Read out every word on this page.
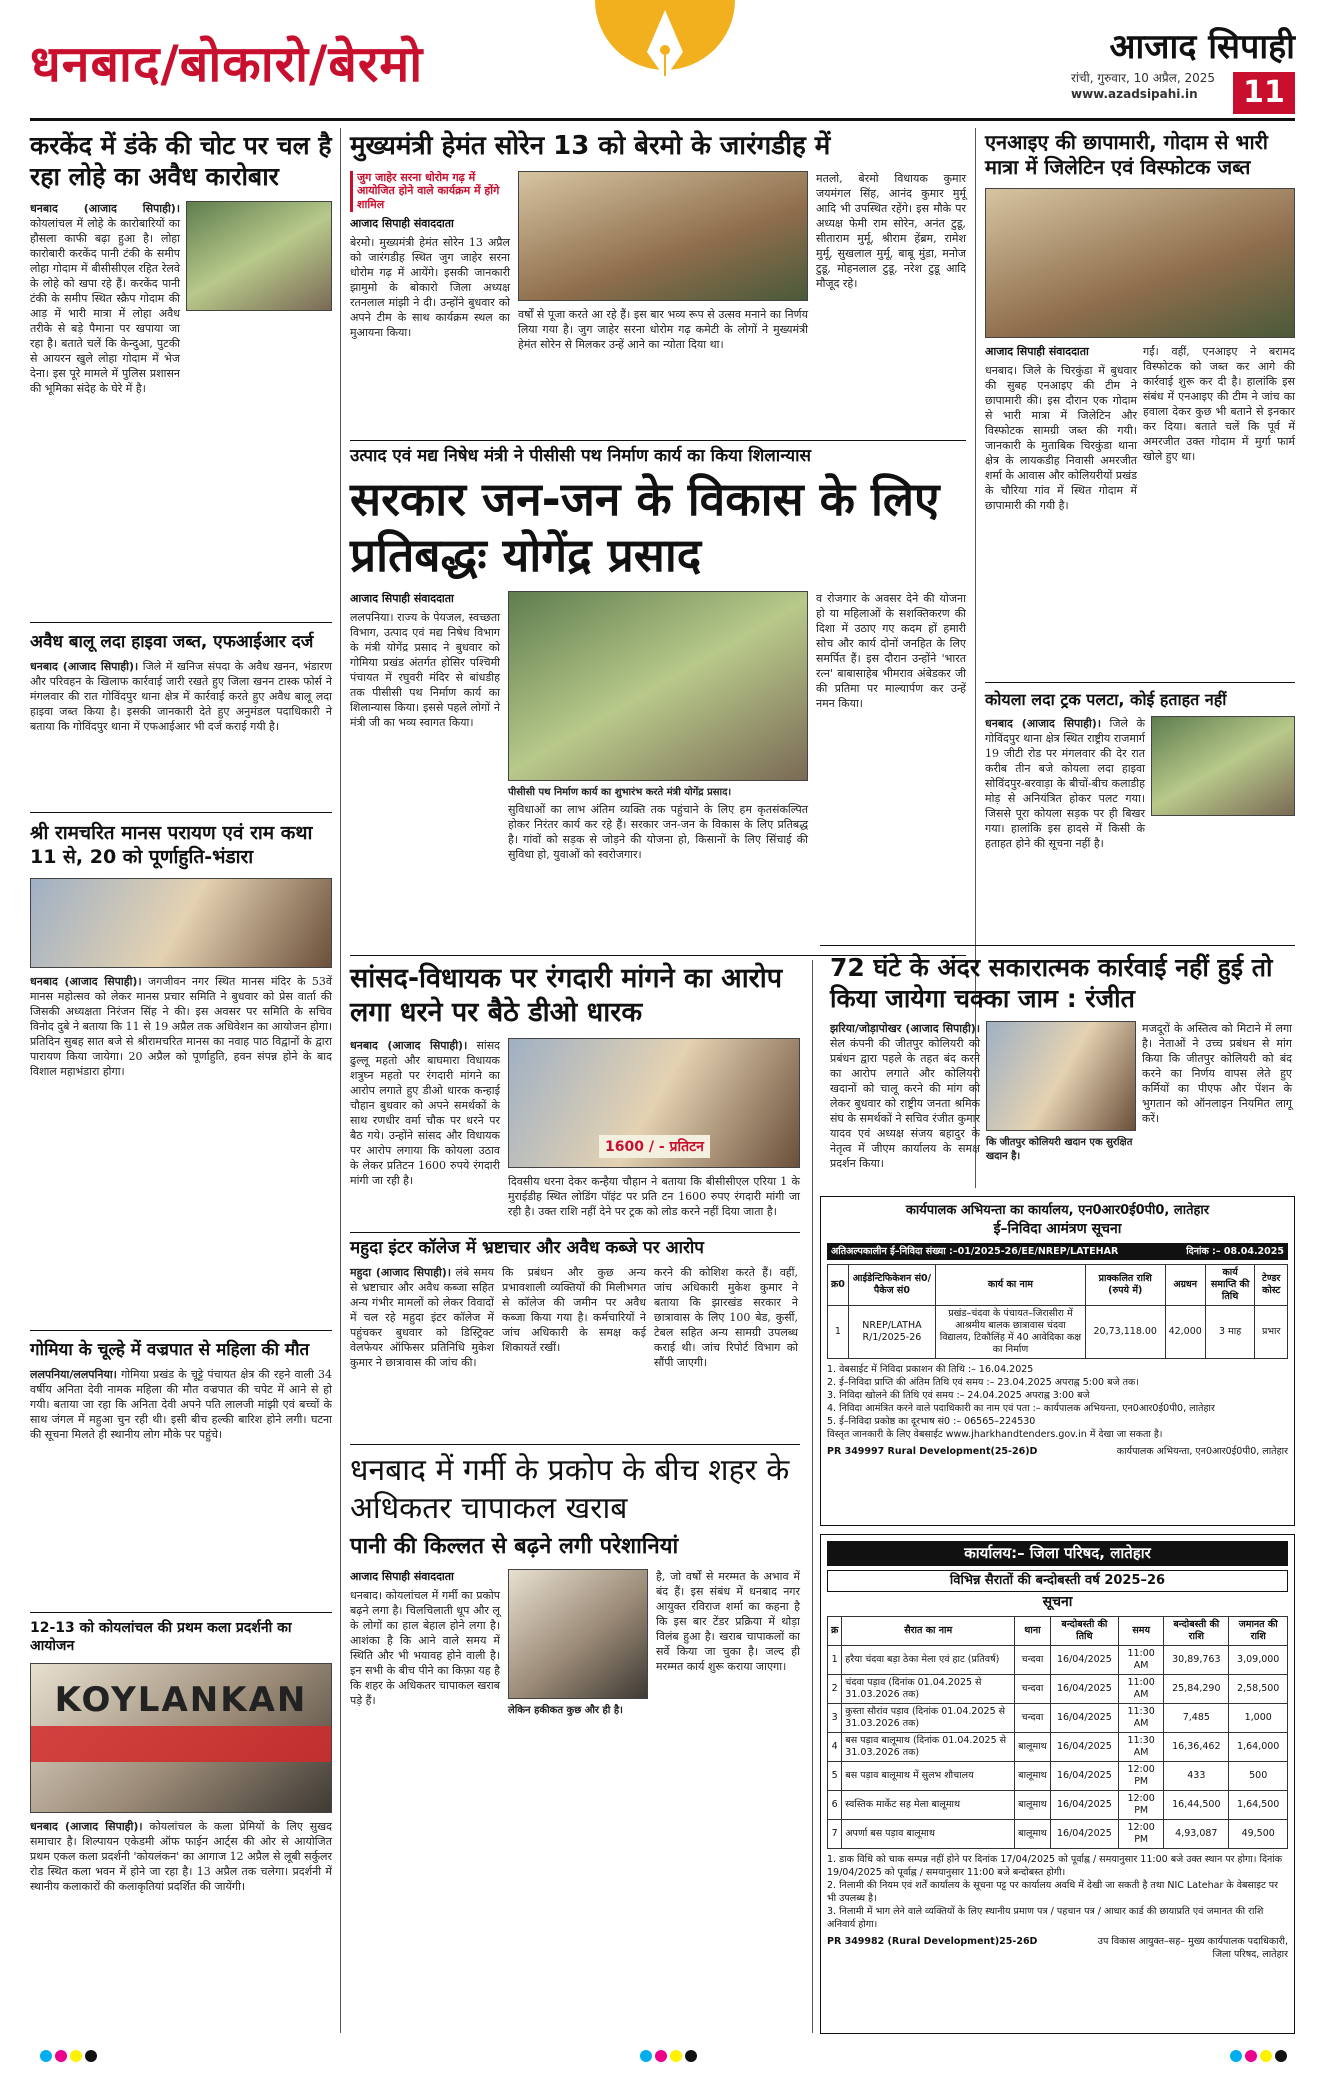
धनबाद/बोकारो/बेरमो	आजाद सिपाही
रांची, गुरुवार, 10 अप्रैल, 2025
www.azadsipahi.in	11
करकेंद में डंके की चोट पर चल है रहा लोहे का अवैध कारोबार
धनबाद (आजाद सिपाही)। कोयलांचल में लोहे के कारोबारियों का हौसला काफी बढ़ा हुआ है। लोहा कारोबारी करकेंद पानी टंकी के समीप लोहा गोदाम में बीसीसीएल रहित रेलवे के लोहे को खपा रहे हैं। करकेंद पानी टंकी के समीप स्थित स्क्रैप गोदाम की आड़ में भारी मात्रा में लोहा अवैध तरीके से बड़े पैमाना पर खपाया जा रहा है। बताते चलें कि केन्दुआ, पुटकी से आयरन खुले लोहा गोदाम में भेज देना। इस पूरे मामले में पुलिस प्रशासन की भूमिका संदेह के घेरे में है।
अवैध बालू लदा हाइवा जब्त, एफआईआर दर्ज
धनबाद (आजाद सिपाही)। जिले में खनिज संपदा के अवैध खनन, भंडारण और परिवहन के खिलाफ कार्रवाई जारी रखते हुए जिला खनन टास्क फोर्स ने मंगलवार की रात गोविंदपुर थाना क्षेत्र में कार्रवाई करते हुए अवैध बालू लदा हाइवा जब्त किया है। इसकी जानकारी देते हुए अनुमंडल पदाधिकारी ने बताया कि गोविंदपुर थाना में एफआईआर भी दर्ज कराई गयी है।
श्री रामचरित मानस परायण एवं राम कथा 11 से, 20 को पूर्णाहुति-भंडारा
धनबाद (आजाद सिपाही)। जगजीवन नगर स्थित मानस मंदिर के 53वें मानस महोत्सव को लेकर मानस प्रचार समिति ने बुधवार को प्रेस वार्ता की जिसकी अध्यक्षता निरंजन सिंह ने की। इस अवसर पर समिति के सचिव विनोद दुबे ने बताया कि 11 से 19 अप्रैल तक अधिवेशन का आयोजन होगा। प्रतिदिन सुबह सात बजे से श्रीरामचरित मानस का नवाह पाठ विद्वानों के द्वारा पारायण किया जायेगा। 20 अप्रैल को पूर्णाहुति, हवन संपन्न होने के बाद विशाल महाभंडारा होगा।
गोमिया के चूल्हे में वज्रपात से महिला की मौत
ललपनिया/ललपनिया। गोमिया प्रखंड के चूट्टे पंचायत क्षेत्र की रहने वाली 34 वर्षीय अनिता देवी नामक महिला की मौत वज्रपात की चपेट में आने से हो गयी। बताया जा रहा कि अनिता देवी अपने पति लालजी मांझी एवं बच्चों के साथ जंगल में महुआ चुन रही थी। इसी बीच हल्की बारिश होने लगी। घटना की सूचना मिलते ही स्थानीय लोग मौके पर पहुंचे।
12-13 को कोयलांचल की प्रथम कला प्रदर्शनी का आयोजन
KOYLANKAN
धनबाद (आजाद सिपाही)। कोयलांचल के कला प्रेमियों के लिए सुखद समाचार है। शिल्पायन एकेडमी ऑफ फाईन आर्ट्स की ओर से आयोजित प्रथम एकल कला प्रदर्शनी 'कोयलंकन' का आगाज 12 अप्रैल से लूबी सर्कुलर रोड स्थित कला भवन में होने जा रहा है। 13 अप्रैल तक चलेगा। प्रदर्शनी में स्थानीय कलाकारों की कलाकृतियां प्रदर्शित की जायेंगी।
मुख्यमंत्री हेमंत सोरेन 13 को बेरमो के जारंगडीह में
जुग जाहेर सरना धोरोम गढ़ में आयोजित होने वाले कार्यक्रम में होंगे शामिल
आजाद सिपाही संवाददाता
बेरमो। मुख्यमंत्री हेमंत सोरेन 13 अप्रैल को जारंगडीह स्थित जुग जाहेर सरना धोरोम गढ़ में आयेंगे। इसकी जानकारी झामुमो के बोकारो जिला अध्यक्ष रतनलाल मांझी ने दी। उन्होंने बुधवार को अपने टीम के साथ कार्यक्रम स्थल का मुआयना किया।
वर्षों से पूजा करते आ रहे हैं। इस बार भव्य रूप से उत्सव मनाने का निर्णय लिया गया है। जुग जाहेर सरना धोरोम गढ़ कमेटी के लोगों ने मुख्यमंत्री हेमंत सोरेन से मिलकर उन्हें आने का न्योता दिया था।
मतलो, बेरमो विधायक कुमार जयमंगल सिंह, आनंद कुमार मुर्मू आदि भी उपस्थित रहेंगे। इस मौके पर अध्यक्ष फेमी राम सोरेन, अनंत टुडू, सीताराम मुर्मू, श्रीराम हेंब्रम, रामेश मुर्मू, सुखलाल मुर्मू, बाबू मुंडा, मनोज टुडू, मोहनलाल टुडू, नरेश टुडू आदि मौजूद रहे।
उत्पाद एवं मद्य निषेध मंत्री ने पीसीसी पथ निर्माण कार्य का किया शिलान्यास
सरकार जन-जन के विकास के लिए प्रतिबद्धः योगेंद्र प्रसाद
आजाद सिपाही संवाददाता
ललपनिया। राज्य के पेयजल, स्वच्छता विभाग, उत्पाद एवं मद्य निषेध विभाग के मंत्री योगेंद्र प्रसाद ने बुधवार को गोमिया प्रखंड अंतर्गत होसिर पश्चिमी पंचायत में रघुवरी मंदिर से बांधडीह तक पीसीसी पथ निर्माण कार्य का शिलान्यास किया। इससे पहले लोगों ने मंत्री जी का भव्य स्वागत किया।
पीसीसी पथ निर्माण कार्य का शुभारंभ करते मंत्री योगेंद्र प्रसाद।
सुविधाओं का लाभ अंतिम व्यक्ति तक पहुंचाने के लिए हम कृतसंकल्पित होकर निरंतर कार्य कर रहे हैं। सरकार जन-जन के विकास के लिए प्रतिबद्ध है। गांवों को सड़क से जोड़ने की योजना हो, किसानों के लिए सिंचाई की सुविधा हो, युवाओं को स्वरोजगार।
व रोजगार के अवसर देने की योजना हो या महिलाओं के सशक्तिकरण की दिशा में उठाए गए कदम हों हमारी सोच और कार्य दोनों जनहित के लिए समर्पित हैं। इस दौरान उन्होंने 'भारत रत्न' बाबासाहेब भीमराव अंबेडकर जी की प्रतिमा पर माल्यार्पण कर उन्हें नमन किया।
सांसद-विधायक पर रंगदारी मांगने का आरोप लगा धरने पर बैठे डीओ धारक
धनबाद (आजाद सिपाही)। सांसद ढुल्लू महतो और बाघमारा विधायक शत्रुघ्न महतो पर रंगदारी मांगने का आरोप लगाते हुए डीओ धारक कन्हाई चौहान बुधवार को अपने समर्थकों के साथ रणधीर वर्मा चौक पर धरने पर बैठ गये। उन्होंने सांसद और विधायक पर आरोप लगाया कि कोयला उठाव के लेकर प्रतिटन 1600 रुपये रंगदारी मांगी जा रही है।
1600 / - प्रतिटन
दिवसीय धरना देकर कन्हैया चौहान ने बताया कि बीसीसीएल एरिया 1 के मुराईडीह स्थित लोडिंग पॉइंट पर प्रति टन 1600 रुपए रंगदारी मांगी जा रही है। उक्त राशि नहीं देने पर ट्रक को लोड करने नहीं दिया जाता है।
महुदा इंटर कॉलेज में भ्रष्टाचार और अवैध कब्जे पर आरोप
महुदा (आजाद सिपाही)। लंबे समय से भ्रष्टाचार और अवैध कब्जा सहित अन्य गंभीर मामलों को लेकर विवादों में चल रहे महुदा इंटर कॉलेज में पहुंचकर बुधवार को डिस्ट्रिक्ट वेलफेयर ऑफिसर प्रतिनिधि मुकेश कुमार ने छात्रावास की जांच की।
कि प्रबंधन और कुछ अन्य प्रभावशाली व्यक्तियों की मिलीभगत से कॉलेज की जमीन पर अवैध कब्जा किया गया है। कर्मचारियों ने जांच अधिकारी के समक्ष कई शिकायतें रखीं।
करने की कोशिश करते हैं। वहीं, जांच अधिकारी मुकेश कुमार ने बताया कि झारखंड सरकार ने छात्रावास के लिए 100 बेड, कुर्सी, टेबल सहित अन्य सामग्री उपलब्ध कराई थी। जांच रिपोर्ट विभाग को सौंपी जाएगी।
धनबाद में गर्मी के प्रकोप के बीच शहर के अधिकतर चापाकल खराब
पानी की किल्लत से बढ़ने लगी परेशानियां
आजाद सिपाही संवाददाता
धनबाद। कोयलांचल में गर्मी का प्रकोप बढ़ने लगा है। चिलचिलाती धूप और लू के लोगों का हाल बेहाल होने लगा है। आशंका है कि आने वाले समय में स्थिति और भी भयावह होने वाली है। इन सभी के बीच पीने का किफ़ा यह है कि शहर के अधिकतर चापाकल खराब पड़े हैं।
लेकिन हकीकत कुछ और ही है।
है, जो वर्षों से मरम्मत के अभाव में बंद हैं। इस संबंध में धनबाद नगर आयुक्त रविराज शर्मा का कहना है कि इस बार टेंडर प्रक्रिया में थोड़ा विलंब हुआ है। खराब चापाकलों का सर्वे किया जा चुका है। जल्द ही मरम्मत कार्य शुरू कराया जाएगा।
एनआइए की छापामारी, गोदाम से भारी मात्रा में जिलेटिन एवं विस्फोटक जब्त
आजाद सिपाही संवाददाता
धनबाद। जिले के चिरकुंडा में बुधवार की सुबह एनआइए की टीम ने छापामारी की। इस दौरान एक गोदाम से भारी मात्रा में जिलेटिन और विस्फोटक सामग्री जब्त की गयी। जानकारी के मुताबिक चिरकुंडा थाना क्षेत्र के लायकडीह निवासी अमरजीत शर्मा के आवास और कोलियरीयों प्रखंड के चौरिया गांव में स्थित गोदाम में छापामारी की गयी है।
गईं। वहीं, एनआइए ने बरामद विस्फोटक को जब्त कर आगे की कार्रवाई शुरू कर दी है। हालांकि इस संबंध में एनआइए की टीम ने जांच का हवाला देकर कुछ भी बताने से इनकार कर दिया। बताते चलें कि पूर्व में अमरजीत उक्त गोदाम में मुर्गा फार्म खोले हुए था।
कोयला लदा ट्रक पलटा, कोई हताहत नहीं
धनबाद (आजाद सिपाही)। जिले के गोविंदपुर थाना क्षेत्र स्थित राष्ट्रीय राजमार्ग 19 जीटी रोड पर मंगलवार की देर रात करीब तीन बजे कोयला लदा हाइवा सोविंदपुर-बरवाड़ा के बीचों-बीच कलाडीह मोड़ से अनियंत्रित होकर पलट गया। जिससे पूरा कोयला सड़क पर ही बिखर गया। हालांकि इस हादसे में किसी के हताहत होने की सूचना नहीं है।
72 घंटे के अंदर सकारात्मक कार्रवाई नहीं हुई तो किया जायेगा चक्का जाम : रंजीत
झरिया/जोड़ापोखर (आजाद सिपाही)। सेल कंपनी की जीतपुर कोलियरी को प्रबंधन द्वारा पहले के तहत बंद करने का आरोप लगाते और कोलियरी खदानों को चालू करने की मांग को लेकर बुधवार को राष्ट्रीय जनता श्रमिक संघ के समर्थकों ने सचिव रंजीत कुमार यादव एवं अध्यक्ष संजय बहादुर के नेतृत्व में जीएम कार्यालय के समक्ष प्रदर्शन किया।
कि जीतपुर कोलियरी खदान एक सुरक्षित खदान है।
मजदूरों के अस्तित्व को मिटाने में लगा है। नेताओं ने उच्च प्रबंधन से मांग किया कि जीतपुर कोलियरी को बंद करने का निर्णय वापस लेते हुए कर्मियों का पीएफ और पेंशन के भुगतान को ऑनलाइन नियमित लागू करें।
कार्यपालक अभियन्ता का कार्यालय, एन0आर0ई0पी0, लातेहार
ई–निविदा आमंत्रण सूचना
अतिअल्पकालीन ई–निविदा संख्या :–01/2025-26/EE/NREP/LATEHAR	दिनांक :– 08.04.2025
क्र0	आईडेन्टिफिकेशन सं0/ पैकेज सं0	कार्य का नाम	प्राक्कलित राशि (रुपये में)	अग्रधन	कार्य समाप्ति की तिथि	टेण्डर कोस्ट
1	NREP/LATHA R/1/2025-26	प्रखंड–चंदवा के पंचायत–जिरासीरा में आश्रमीय बालक छात्रावास चंदवा विद्यालय, टिकौलिंह में 40 आवेदिका कक्ष का निर्माण	20,73,118.00	42,000	3 माह	प्रभार
1. वेबसाईट में निविदा प्रकाशन की तिथि :– 16.04.2025
2. ई–निविदा प्राप्ति की अंतिम तिथि एवं समय :– 23.04.2025 अपराह्न 5:00 बजे तक।
3. निविदा खोलने की तिथि एवं समय :– 24.04.2025 अपराह्न 3:00 बजे
4. निविदा आमंत्रित करने वाले पदाधिकारी का नाम एवं पता :– कार्यपालक अभियन्ता, एन0आर0ई0पी0, लातेहार
5. ई–निविदा प्रकोष्ठ का दूरभाष सं0 :– 06565–224530
विस्तृत जानकारी के लिए वेबसाईट www.jharkhandtenders.gov.in में देखा जा सकता है।
PR 349997 Rural Development(25-26)D	कार्यपालक अभियन्ता, एन0आर0ई0पी0, लातेहार
कार्यालय:– जिला परिषद, लातेहार
विभिन्न सैरातों की बन्दोबस्ती वर्ष 2025–26
सूचना
क्र	सैरात का नाम	थाना	बन्दोबस्ती की तिथि	समय	बन्दोबस्ती की राशि	जमानत की राशि
1	हरैया चंदवा बड़ा ठेका मेला एवं हाट (प्रतिवर्ष)	चन्दवा	16/04/2025	11:00 AM	30,89,763	3,09,000
2	चंदवा पड़ाव (दिनांक 01.04.2025 से 31.03.2026 तक)	चन्दवा	16/04/2025	11:00 AM	25,84,290	2,58,500
3	कुस्ता सौरांव पड़ाव (दिनांक 01.04.2025 से 31.03.2026 तक)	चन्दवा	16/04/2025	11:30 AM	7,485	1,000
4	बस पड़ाव बालूमाथ (दिनांक 01.04.2025 से 31.03.2026 तक)	बालूमाथ	16/04/2025	11:30 AM	16,36,462	1,64,000
5	बस पड़ाव बालूमाथ में सुलभ शौचालय	बालूमाथ	16/04/2025	12:00 PM	433	500
6	स्वस्तिक मार्केट सह मेला बालूमाथ	बालूमाथ	16/04/2025	12:00 PM	16,44,500	1,64,500
7	अपर्णा बस पड़ाव बालूमाथ	बालूमाथ	16/04/2025	12:00 PM	4,93,087	49,500
1. डाक विधि को चाक सम्पन्न नहीं होने पर दिनांक 17/04/2025 को पूर्वाह्न / समयानुसार 11:00 बजे उक्त स्थान पर होगा। दिनांक 19/04/2025 को पूर्वाह्न / समयानुसार 11:00 बजे बन्दोबस्त होगी।
2. निलामी की नियम एवं शर्तें कार्यालय के सूचना पट्ट पर कार्यालय अवधि में देखी जा सकती है तथा NIC Latehar के वेबसाइट पर भी उपलब्ध है।
3. निलामी में भाग लेने वाले व्यक्तियों के लिए स्थानीय प्रमाण पत्र / पहचान पत्र / आधार कार्ड की छायाप्रति एवं जमानत की राशि अनिवार्य होगा।
PR 349982 (Rural Development)25-26D	उप विकास आयुक्त–सह– मुख्य कार्यपालक पदाधिकारी, जिला परिषद, लातेहार
